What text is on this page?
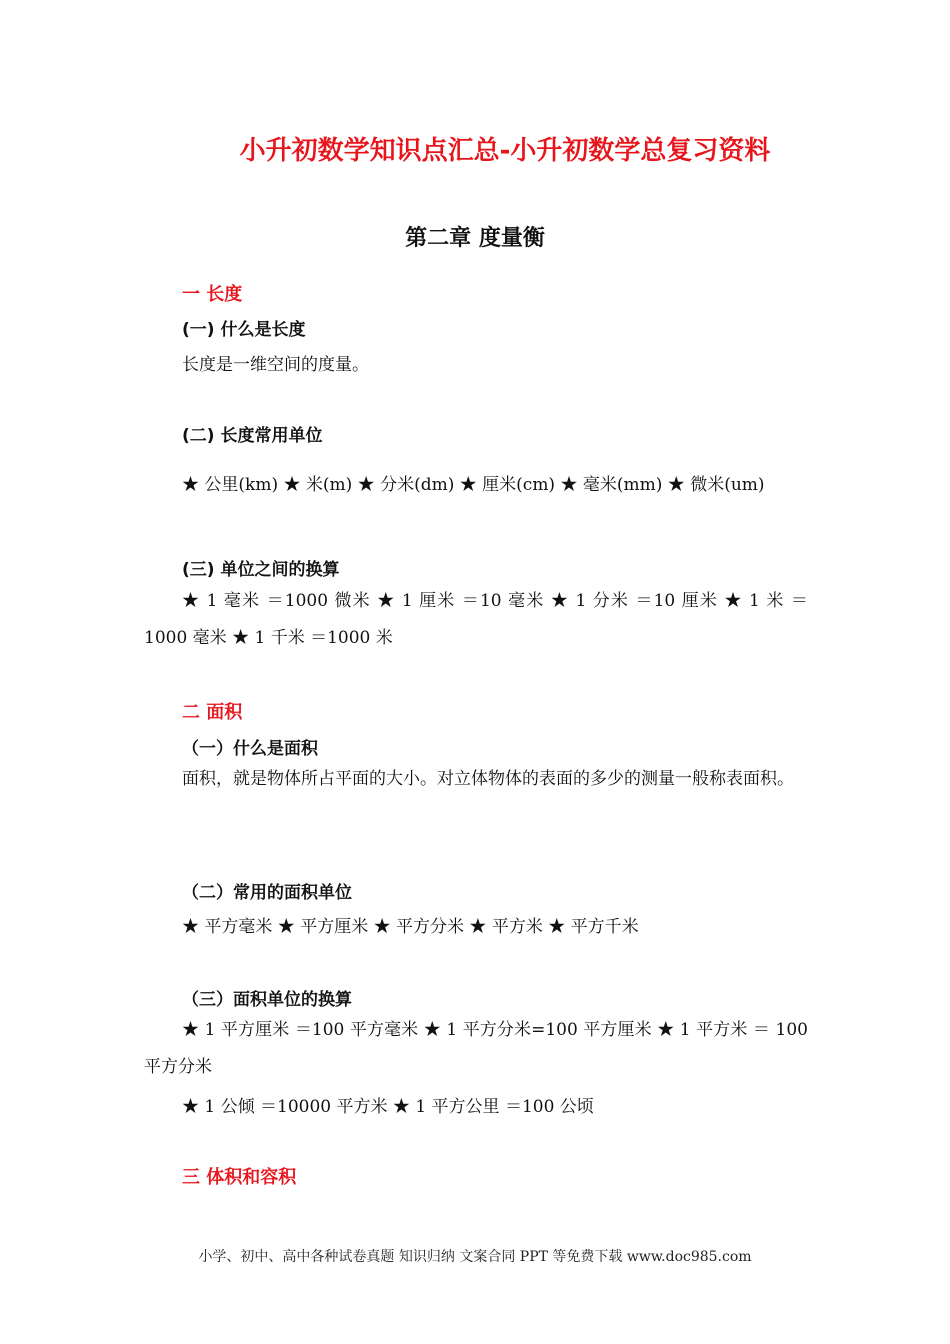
小升初数学知识点汇总-小升初数学总复习资料
第二章 度量衡
一 长度
(一) 什么是长度
长度是一维空间的度量。
(二) 长度常用单位
★ 公里(km) ★ 米(m) ★ 分米(dm) ★ 厘米(cm) ★ 毫米(mm) ★ 微米(um)
(三) 单位之间的换算
★ 1 毫米 ＝1000 微米 ★ 1 厘米 ＝10 毫米 ★ 1 分米 ＝10 厘米 ★ 1 米 ＝ 1000 毫米 ★ 1 千米 ＝1000 米
二 面积
（一）什么是面积
面积，就是物体所占平面的大小。对立体物体的表面的多少的测量一般称表面积。
（二）常用的面积单位
★ 平方毫米 ★ 平方厘米 ★ 平方分米 ★ 平方米 ★ 平方千米
（三）面积单位的换算
★ 1 平方厘米 ＝100 平方毫米 ★ 1 平方分米=100 平方厘米 ★ 1 平方米 ＝ 100 平方分米
★ 1 公倾 ＝10000 平方米 ★ 1 平方公里 ＝100 公顷
三 体积和容积
小学、初中、高中各种试卷真题 知识归纳 文案合同 PPT 等免费下载 www.doc985.com
